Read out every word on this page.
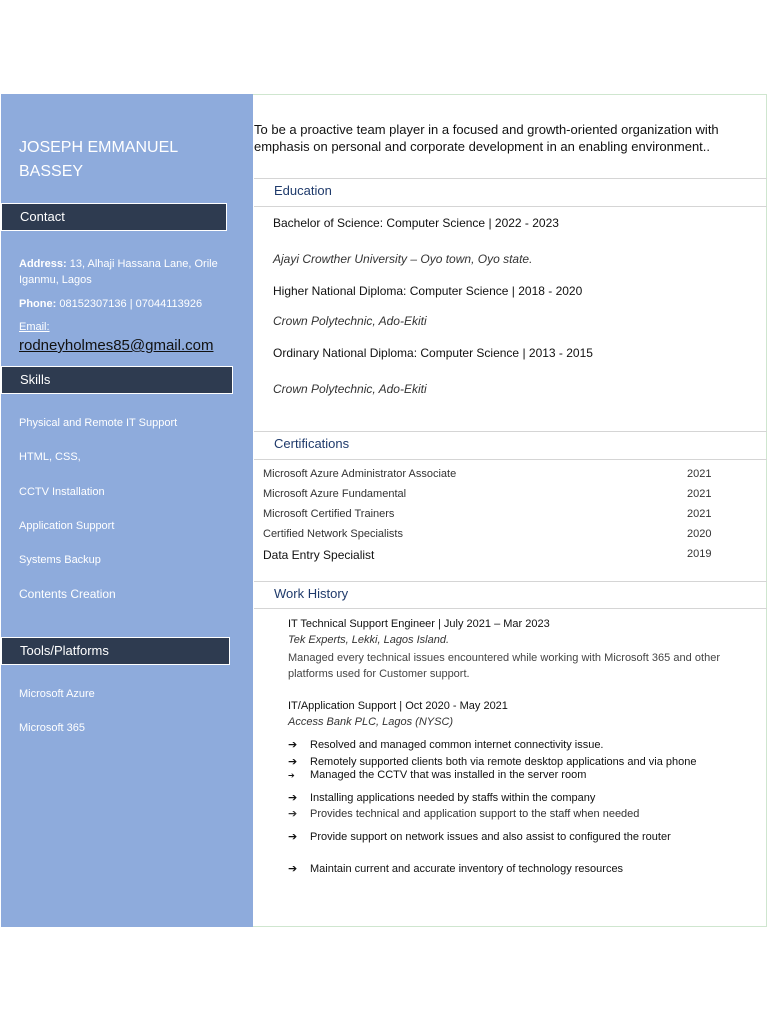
JOSEPH EMMANUEL BASSEY
Contact
Address: 13, Alhaji Hassana Lane, Orile Iganmu, Lagos
Phone: 08152307136 | 07044113926
Email:
rodneyholmes85@gmail.com
Skills
Physical and Remote IT Support
HTML, CSS,
CCTV Installation
Application Support
Systems Backup
Contents Creation
Tools/Platforms
Microsoft Azure
Microsoft 365
To be a proactive team player in a focused and growth-oriented organization with emphasis on personal and corporate development in an enabling environment..
Education
Bachelor of Science: Computer Science | 2022 - 2023
Ajayi Crowther University – Oyo town, Oyo state.
Higher National Diploma: Computer Science | 2018 - 2020
Crown Polytechnic, Ado-Ekiti
Ordinary National Diploma: Computer Science | 2013 - 2015
Crown Polytechnic, Ado-Ekiti
Certifications
Microsoft Azure Administrator Associate	2021
Microsoft Azure Fundamental	2021
Microsoft Certified Trainers	2021
Certified Network Specialists	2020
Data Entry Specialist	2019
Work History
IT Technical Support Engineer | July 2021 – Mar 2023
Tek Experts, Lekki, Lagos Island.
Managed every technical issues encountered while working with Microsoft 365 and other platforms used for Customer support.
IT/Application Support | Oct 2020 - May 2021
Access Bank PLC, Lagos (NYSC)
➔ Resolved and managed common internet connectivity issue.
➔ Remotely supported clients both via remote desktop applications and via phone
➔ Managed the CCTV that was installed in the server room
➔ Installing applications needed by staffs within the company
➔ Provides technical and application support to the staff when needed
➔ Provide support on network issues and also assist to configured the router
➔ Maintain current and accurate inventory of technology resources
